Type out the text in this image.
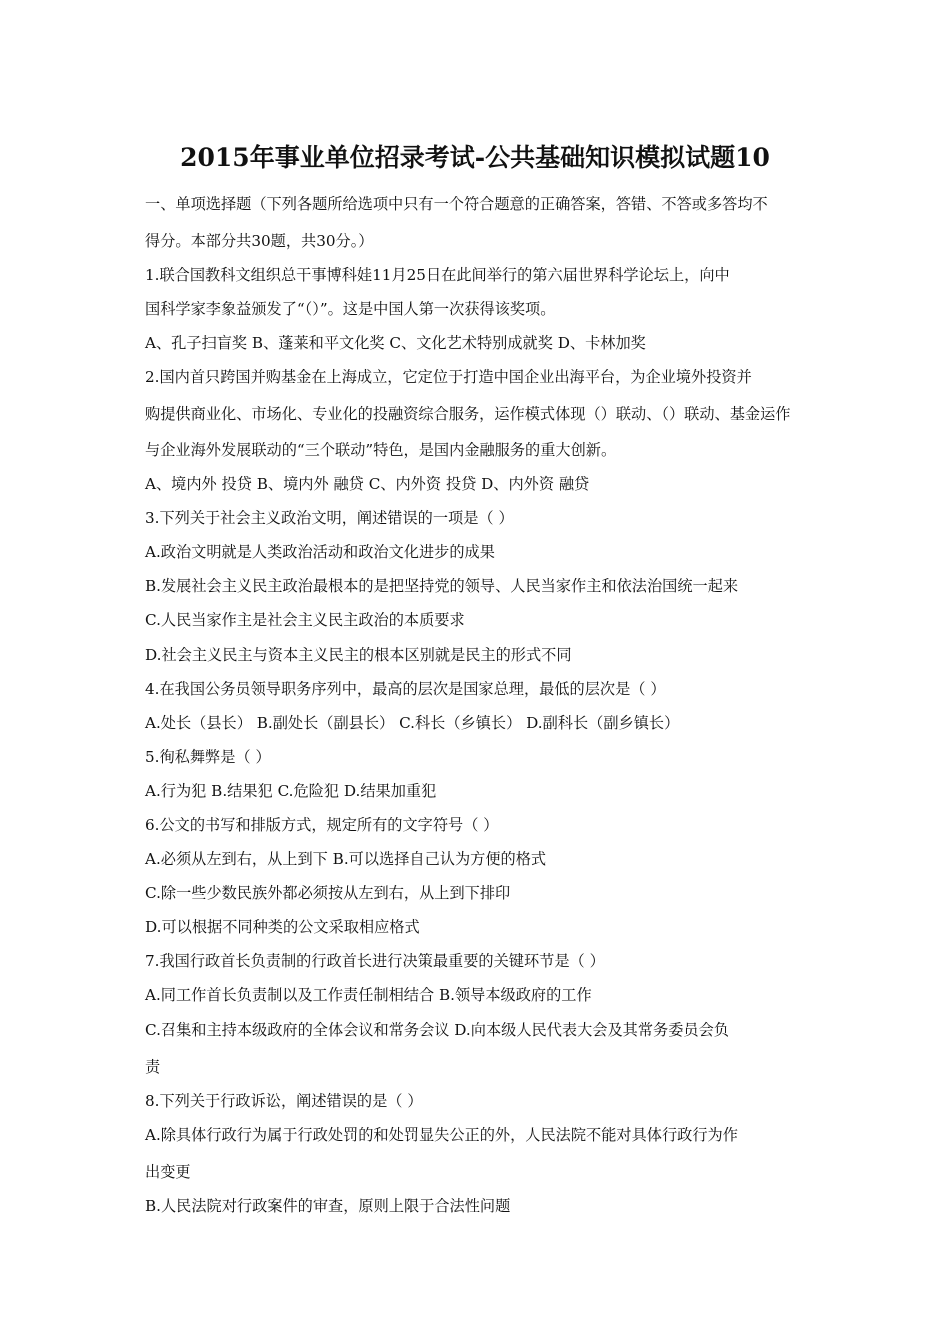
2015年事业单位招录考试-公共基础知识模拟试题10
一、单项选择题（下列各题所给选项中只有一个符合题意的正确答案，答错、不答或多答均不
得分。本部分共30题，共30分。）
1.联合国教科文组织总干事博科娃11月25日在此间举行的第六届世界科学论坛上，向中
国科学家李象益颁发了“（）”。这是中国人第一次获得该奖项。
A、孔子扫盲奖 B、蓬莱和平文化奖 C、文化艺术特别成就奖 D、卡林加奖
2.国内首只跨国并购基金在上海成立，它定位于打造中国企业出海平台，为企业境外投资并
购提供商业化、市场化、专业化的投融资综合服务，运作模式体现（）联动、（）联动、基金运作
与企业海外发展联动的“三个联动”特色，是国内金融服务的重大创新。
A、境内外 投贷 B、境内外 融贷 C、内外资 投贷 D、内外资 融贷
3.下列关于社会主义政治文明，阐述错误的一项是（ ）
A.政治文明就是人类政治活动和政治文化进步的成果
B.发展社会主义民主政治最根本的是把坚持党的领导、人民当家作主和依法治国统一起来
C.人民当家作主是社会主义民主政治的本质要求
D.社会主义民主与资本主义民主的根本区别就是民主的形式不同
4.在我国公务员领导职务序列中，最高的层次是国家总理，最低的层次是（ ）
A.处长（县长） B.副处长（副县长） C.科长（乡镇长） D.副科长（副乡镇长）
5.徇私舞弊是（ ）
A.行为犯 B.结果犯 C.危险犯 D.结果加重犯
6.公文的书写和排版方式，规定所有的文字符号（ ）
A.必须从左到右，从上到下 B.可以选择自己认为方便的格式
C.除一些少数民族外都必须按从左到右，从上到下排印
D.可以根据不同种类的公文采取相应格式
7.我国行政首长负责制的行政首长进行决策最重要的关键环节是（ ）
A.同工作首长负责制以及工作责任制相结合 B.领导本级政府的工作
C.召集和主持本级政府的全体会议和常务会议 D.向本级人民代表大会及其常务委员会负
责
8.下列关于行政诉讼，阐述错误的是（ ）
A.除具体行政行为属于行政处罚的和处罚显失公正的外，人民法院不能对具体行政行为作
出变更
B.人民法院对行政案件的审查，原则上限于合法性问题
